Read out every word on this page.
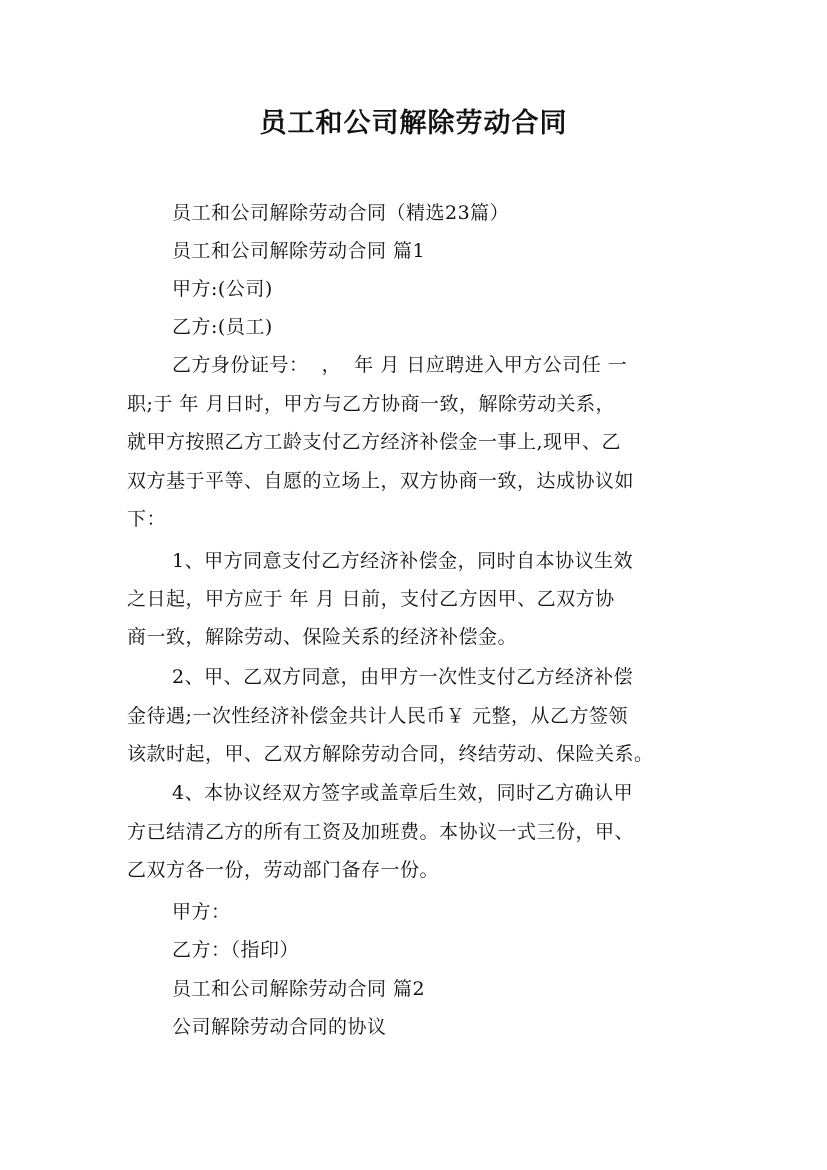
员工和公司解除劳动合同
员工和公司解除劳动合同（精选23篇）
员工和公司解除劳动合同 篇1
甲方:(公司)
乙方:(员工)
乙方身份证号：  ，  年 月 日应聘进入甲方公司任 一
职;于 年 月日时，甲方与乙方协商一致，解除劳动关系，
就甲方按照乙方工龄支付乙方经济补偿金一事上,现甲、乙
双方基于平等、自愿的立场上，双方协商一致，达成协议如
下：
1、甲方同意支付乙方经济补偿金，同时自本协议生效
之日起，甲方应于 年 月 日前，支付乙方因甲、乙双方协
商一致，解除劳动、保险关系的经济补偿金。
2、甲、乙双方同意，由甲方一次性支付乙方经济补偿
金待遇;一次性经济补偿金共计人民币￥ 元整，从乙方签领
该款时起，甲、乙双方解除劳动合同，终结劳动、保险关系。
4、本协议经双方签字或盖章后生效，同时乙方确认甲
方已结清乙方的所有工资及加班费。本协议一式三份，甲、
乙双方各一份，劳动部门备存一份。
甲方：
乙方：（指印）
员工和公司解除劳动合同 篇2
公司解除劳动合同的协议
